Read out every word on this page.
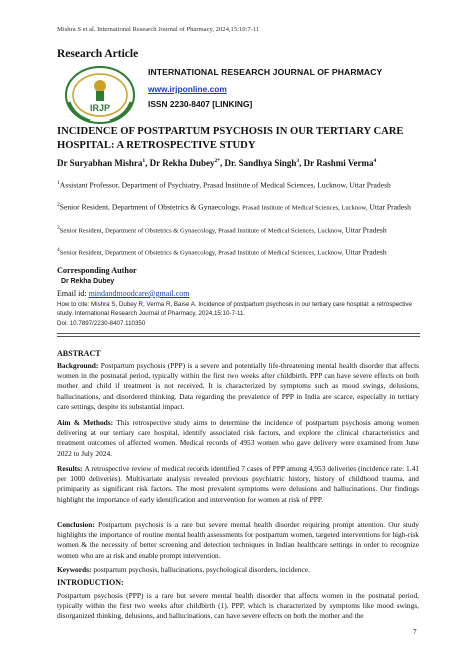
Mishra S et al. International Research Journal of Pharmacy, 2024,15:10:7-11
Research Article
IRJP
INTERNATIONAL RESEARCH JOURNAL OF PHARMACY
www.irjponline.com
ISSN 2230-8407 [LINKING]
INCIDENCE OF POSTPARTUM PSYCHOSIS IN OUR TERTIARY CARE
HOSPITAL: A RETROSPECTIVE STUDY
Dr Suryabhan Mishra$^1$, Dr Rekha Dubey$^{2*}$, Dr. Sandhya Singh$^3$, Dr Rashmi Verma$^4$
$^1$Assistant Professor, Department of Psychiatry, Prasad Institute of Medical Sciences, Lucknow, Uttar Pradesh
$^2$Senior Resident, Department of Obstetrics & Gynaecology, Prasad Institute of Medical Sciences, Lucknow, Uttar Pradesh
$^3$Senior Resident, Department of Obstetrics & Gynaecology, Prasad Institute of Medical Sciences, Lucknow, Uttar Pradesh
$^4$Senior Resident, Department of Obstetrics & Gynaecology, Prasad Institute of Medical Sciences, Lucknow, Uttar Pradesh
Corresponding Author
Dr Rekha Dubey
Email id: mindandmoodcare@gmail.com
How to cite: Mishra S, Dubey R, Verma R, Baise A. Incidence of postpartum psychosis in our tertiary care hospital: a retrospective study. International Research Journal of Pharmacy, 2024,15:10-7-11.
Doi: 10.7897/2230-8407.110350
ABSTRACT
Background: Postpartum psychosis (PPP) is a severe and potentially life-threatening mental health disorder that affects women in the postnatal period, typically within the first two weeks after childbirth. PPP can have severe effects on both mother and child if treatment is not received. It is characterized by symptoms such as mood swings, delusions, hallucinations, and disordered thinking. Data regarding the prevalence of PPP in India are scarce, especially in tertiary care settings, despite its substantial impact.
Aim & Methods: This retrospective study aims to determine the incidence of postpartum psychosis among women delivering at our tertiary care hospital, identify associated risk factors, and explore the clinical characteristics and treatment outcomes of affected women. Medical records of 4953 women who gave delivery were examined from June 2022 to July 2024.
Results: A retrospective review of medical records identified 7 cases of PPP among 4,953 deliveries (incidence rate: 1.41 per 1000 deliveries). Multivariate analysis revealed previous psychiatric history, history of childhood trauma, and primiparity as significant risk factors. The most prevalent symptoms were delusions and hallucinations. Our findings highlight the importance of early identification and intervention for women at risk of PPP.
Conclusion: Postpartum psychosis is a rare but severe mental health disorder requiring prompt attention. Our study highlights the importance of routine mental health assessments for postpartum women, targeted interventions for high-risk women & the necessity of better screening and detection techniques in Indian healthcare settings in order to recognize women who are at risk and enable prompt intervention.
Keywords: postpartum psychosis, hallucinations, psychological disorders, incidence.
INTRODUCTION:
Postpartum psychosis (PPP) is a rare but severe mental health disorder that affects women in the postnatal period, typically within the first two weeks after childbirth (1). PPP, which is characterized by symptoms like mood swings, disorganized thinking, delusions, and hallucinations, can have severe effects on both the mother and the
7
